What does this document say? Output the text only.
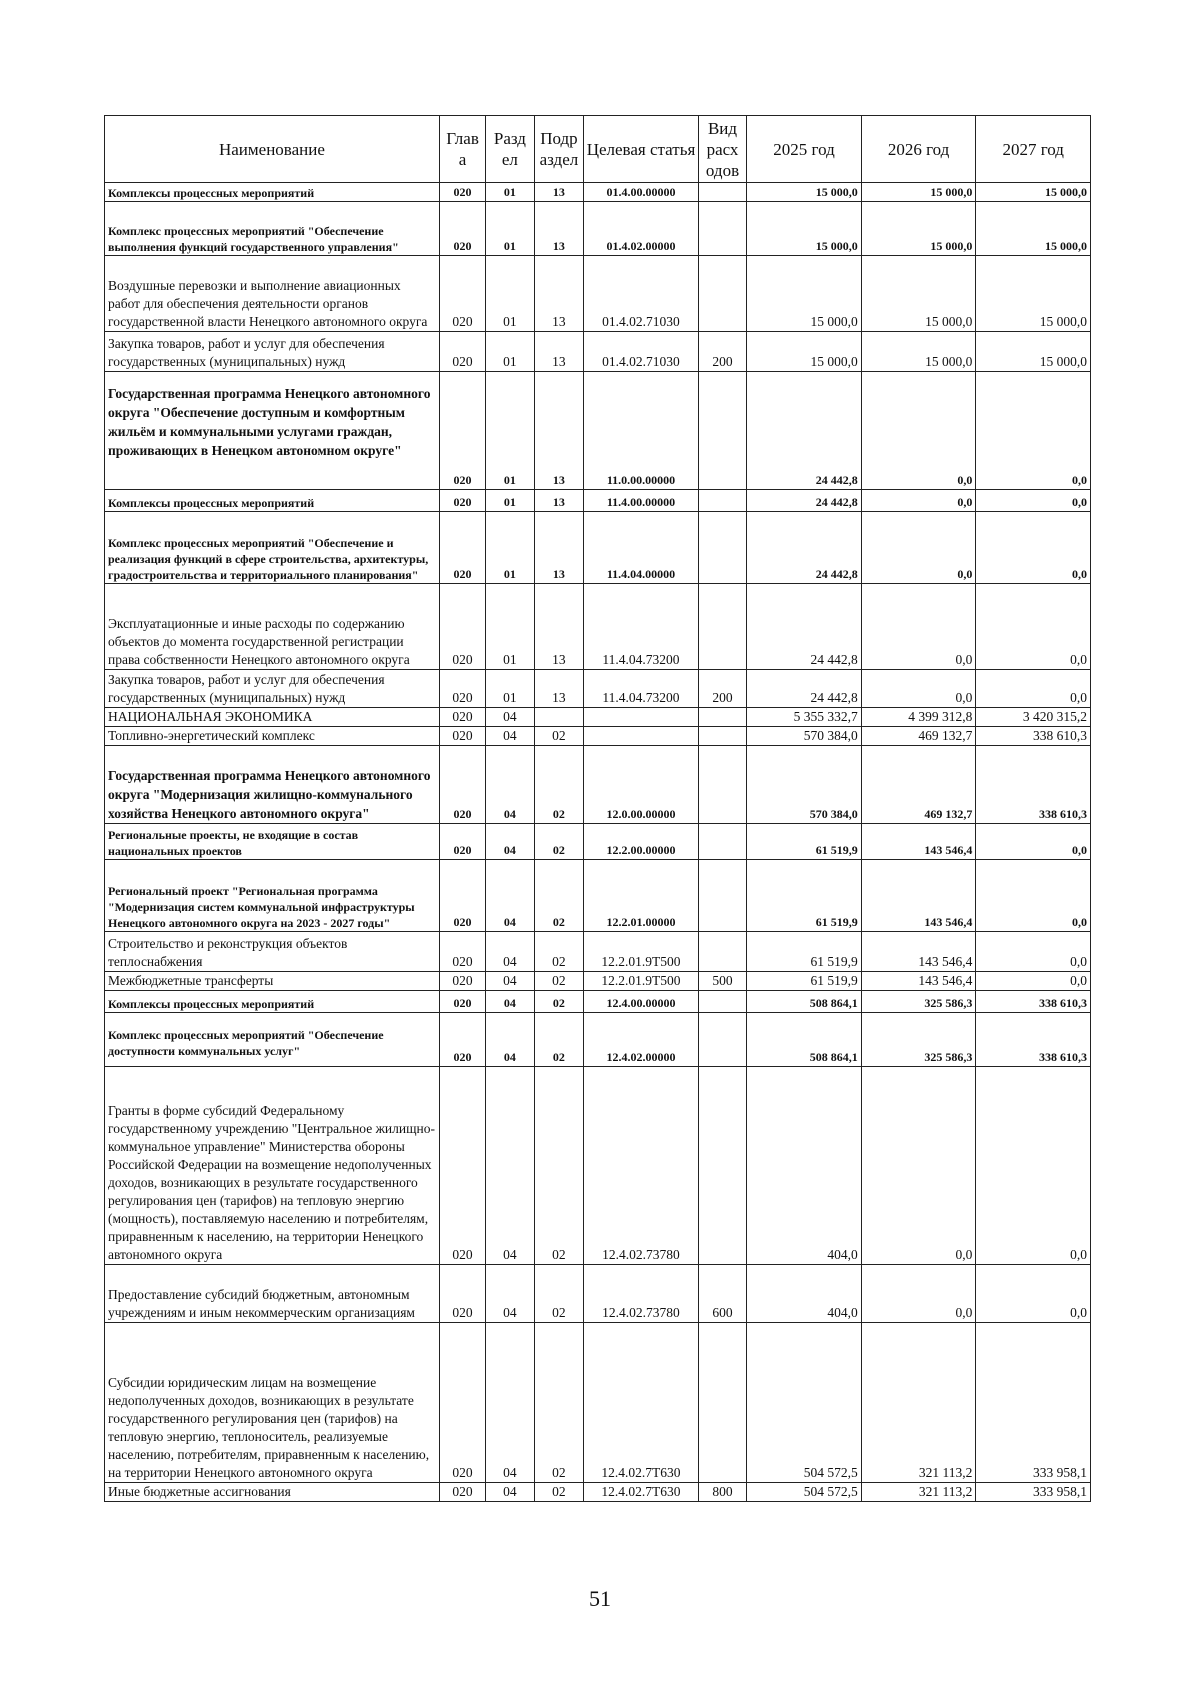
Наименование	Глав а	Разд ел	Подр аздел	Целевая статья	Вид расх одов	2025 год	2026 год	2027 год
Комплексы процессных мероприятий	020	01	13	01.4.00.00000		15 000,0	15 000,0	15 000,0
Комплекс процессных мероприятий "Обеспечение выполнения функций государственного управления"	020	01	13	01.4.02.00000		15 000,0	15 000,0	15 000,0
Воздушные перевозки и выполнение авиационных работ для обеспечения деятельности органов государственной власти Ненецкого автономного округа	020	01	13	01.4.02.71030		15 000,0	15 000,0	15 000,0
Закупка товаров, работ и услуг для обеспечения государственных (муниципальных) нужд	020	01	13	01.4.02.71030	200	15 000,0	15 000,0	15 000,0
Государственная программа Ненецкого автономного округа "Обеспечение доступным и комфортным жильём и коммунальными услугами граждан, проживающих в Ненецком автономном округе"	020	01	13	11.0.00.00000		24 442,8	0,0	0,0
Комплексы процессных мероприятий	020	01	13	11.4.00.00000		24 442,8	0,0	0,0
Комплекс процессных мероприятий "Обеспечение и реализация функций в сфере строительства, архитектуры, градостроительства и территориального планирования"	020	01	13	11.4.04.00000		24 442,8	0,0	0,0
Эксплуатационные и иные расходы по содержанию объектов до момента государственной регистрации права собственности Ненецкого автономного округа	020	01	13	11.4.04.73200		24 442,8	0,0	0,0
Закупка товаров, работ и услуг для обеспечения государственных (муниципальных) нужд	020	01	13	11.4.04.73200	200	24 442,8	0,0	0,0
НАЦИОНАЛЬНАЯ ЭКОНОМИКА	020	04				5 355 332,7	4 399 312,8	3 420 315,2
Топливно-энергетический комплекс	020	04	02			570 384,0	469 132,7	338 610,3
Государственная программа Ненецкого автономного округа "Модернизация жилищно-коммунального хозяйства Ненецкого автономного округа"	020	04	02	12.0.00.00000		570 384,0	469 132,7	338 610,3
Региональные проекты, не входящие в состав национальных проектов	020	04	02	12.2.00.00000		61 519,9	143 546,4	0,0
Региональный проект "Региональная программа "Модернизация систем коммунальной инфраструктуры Ненецкого автономного округа на 2023 - 2027 годы"	020	04	02	12.2.01.00000		61 519,9	143 546,4	0,0
Строительство и реконструкция объектов теплоснабжения	020	04	02	12.2.01.9Т500		61 519,9	143 546,4	0,0
Межбюджетные трансферты	020	04	02	12.2.01.9Т500	500	61 519,9	143 546,4	0,0
Комплексы процессных мероприятий	020	04	02	12.4.00.00000		508 864,1	325 586,3	338 610,3
Комплекс процессных мероприятий "Обеспечение доступности коммунальных услуг"	020	04	02	12.4.02.00000		508 864,1	325 586,3	338 610,3
Гранты в форме субсидий Федеральному государственному учреждению "Центральное жилищно-коммунальное управление" Министерства обороны Российской Федерации на возмещение недополученных доходов, возникающих в результате государственного регулирования цен (тарифов) на тепловую энергию (мощность), поставляемую населению и потребителям, приравненным к населению, на территории Ненецкого автономного округа	020	04	02	12.4.02.73780		404,0	0,0	0,0
Предоставление субсидий бюджетным, автономным учреждениям и иным некоммерческим организациям	020	04	02	12.4.02.73780	600	404,0	0,0	0,0
Субсидии юридическим лицам на возмещение недополученных доходов, возникающих в результате государственного регулирования цен (тарифов) на тепловую энергию, теплоноситель, реализуемые населению, потребителям, приравненным к населению, на территории Ненецкого автономного округа	020	04	02	12.4.02.7Т630		504 572,5	321 113,2	333 958,1
Иные бюджетные ассигнования	020	04	02	12.4.02.7Т630	800	504 572,5	321 113,2	333 958,1
51
